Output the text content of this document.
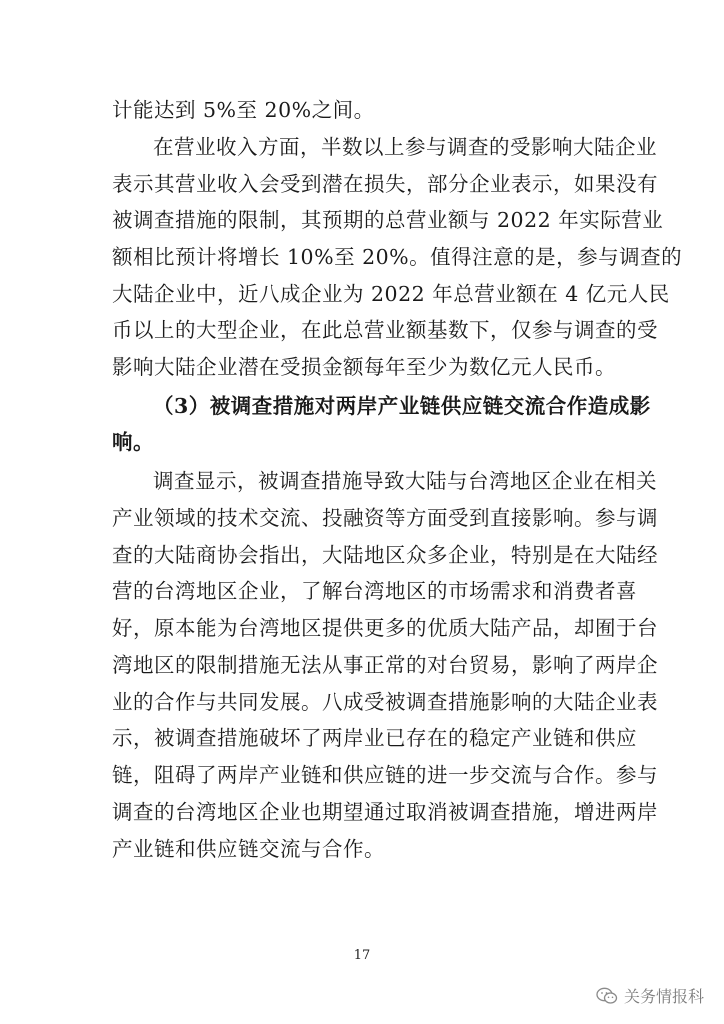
计能达到 5%至 20%之间。
在营业收入方面，半数以上参与调查的受影响大陆企业
表示其营业收入会受到潜在损失，部分企业表示，如果没有
被调查措施的限制，其预期的总营业额与 2022 年实际营业
额相比预计将增长 10%至 20%。值得注意的是，参与调查的
大陆企业中，近八成企业为 2022 年总营业额在 4 亿元人民
币以上的大型企业，在此总营业额基数下，仅参与调查的受
影响大陆企业潜在受损金额每年至少为数亿元人民币。
（3）被调查措施对两岸产业链供应链交流合作造成影
响。
调查显示，被调查措施导致大陆与台湾地区企业在相关
产业领域的技术交流、投融资等方面受到直接影响。参与调
查的大陆商协会指出，大陆地区众多企业，特别是在大陆经
营的台湾地区企业，了解台湾地区的市场需求和消费者喜
好，原本能为台湾地区提供更多的优质大陆产品，却囿于台
湾地区的限制措施无法从事正常的对台贸易，影响了两岸企
业的合作与共同发展。八成受被调查措施影响的大陆企业表
示，被调查措施破坏了两岸业已存在的稳定产业链和供应
链，阻碍了两岸产业链和供应链的进一步交流与合作。参与
调查的台湾地区企业也期望通过取消被调查措施，增进两岸
产业链和供应链交流与合作。
17
关务情报科
